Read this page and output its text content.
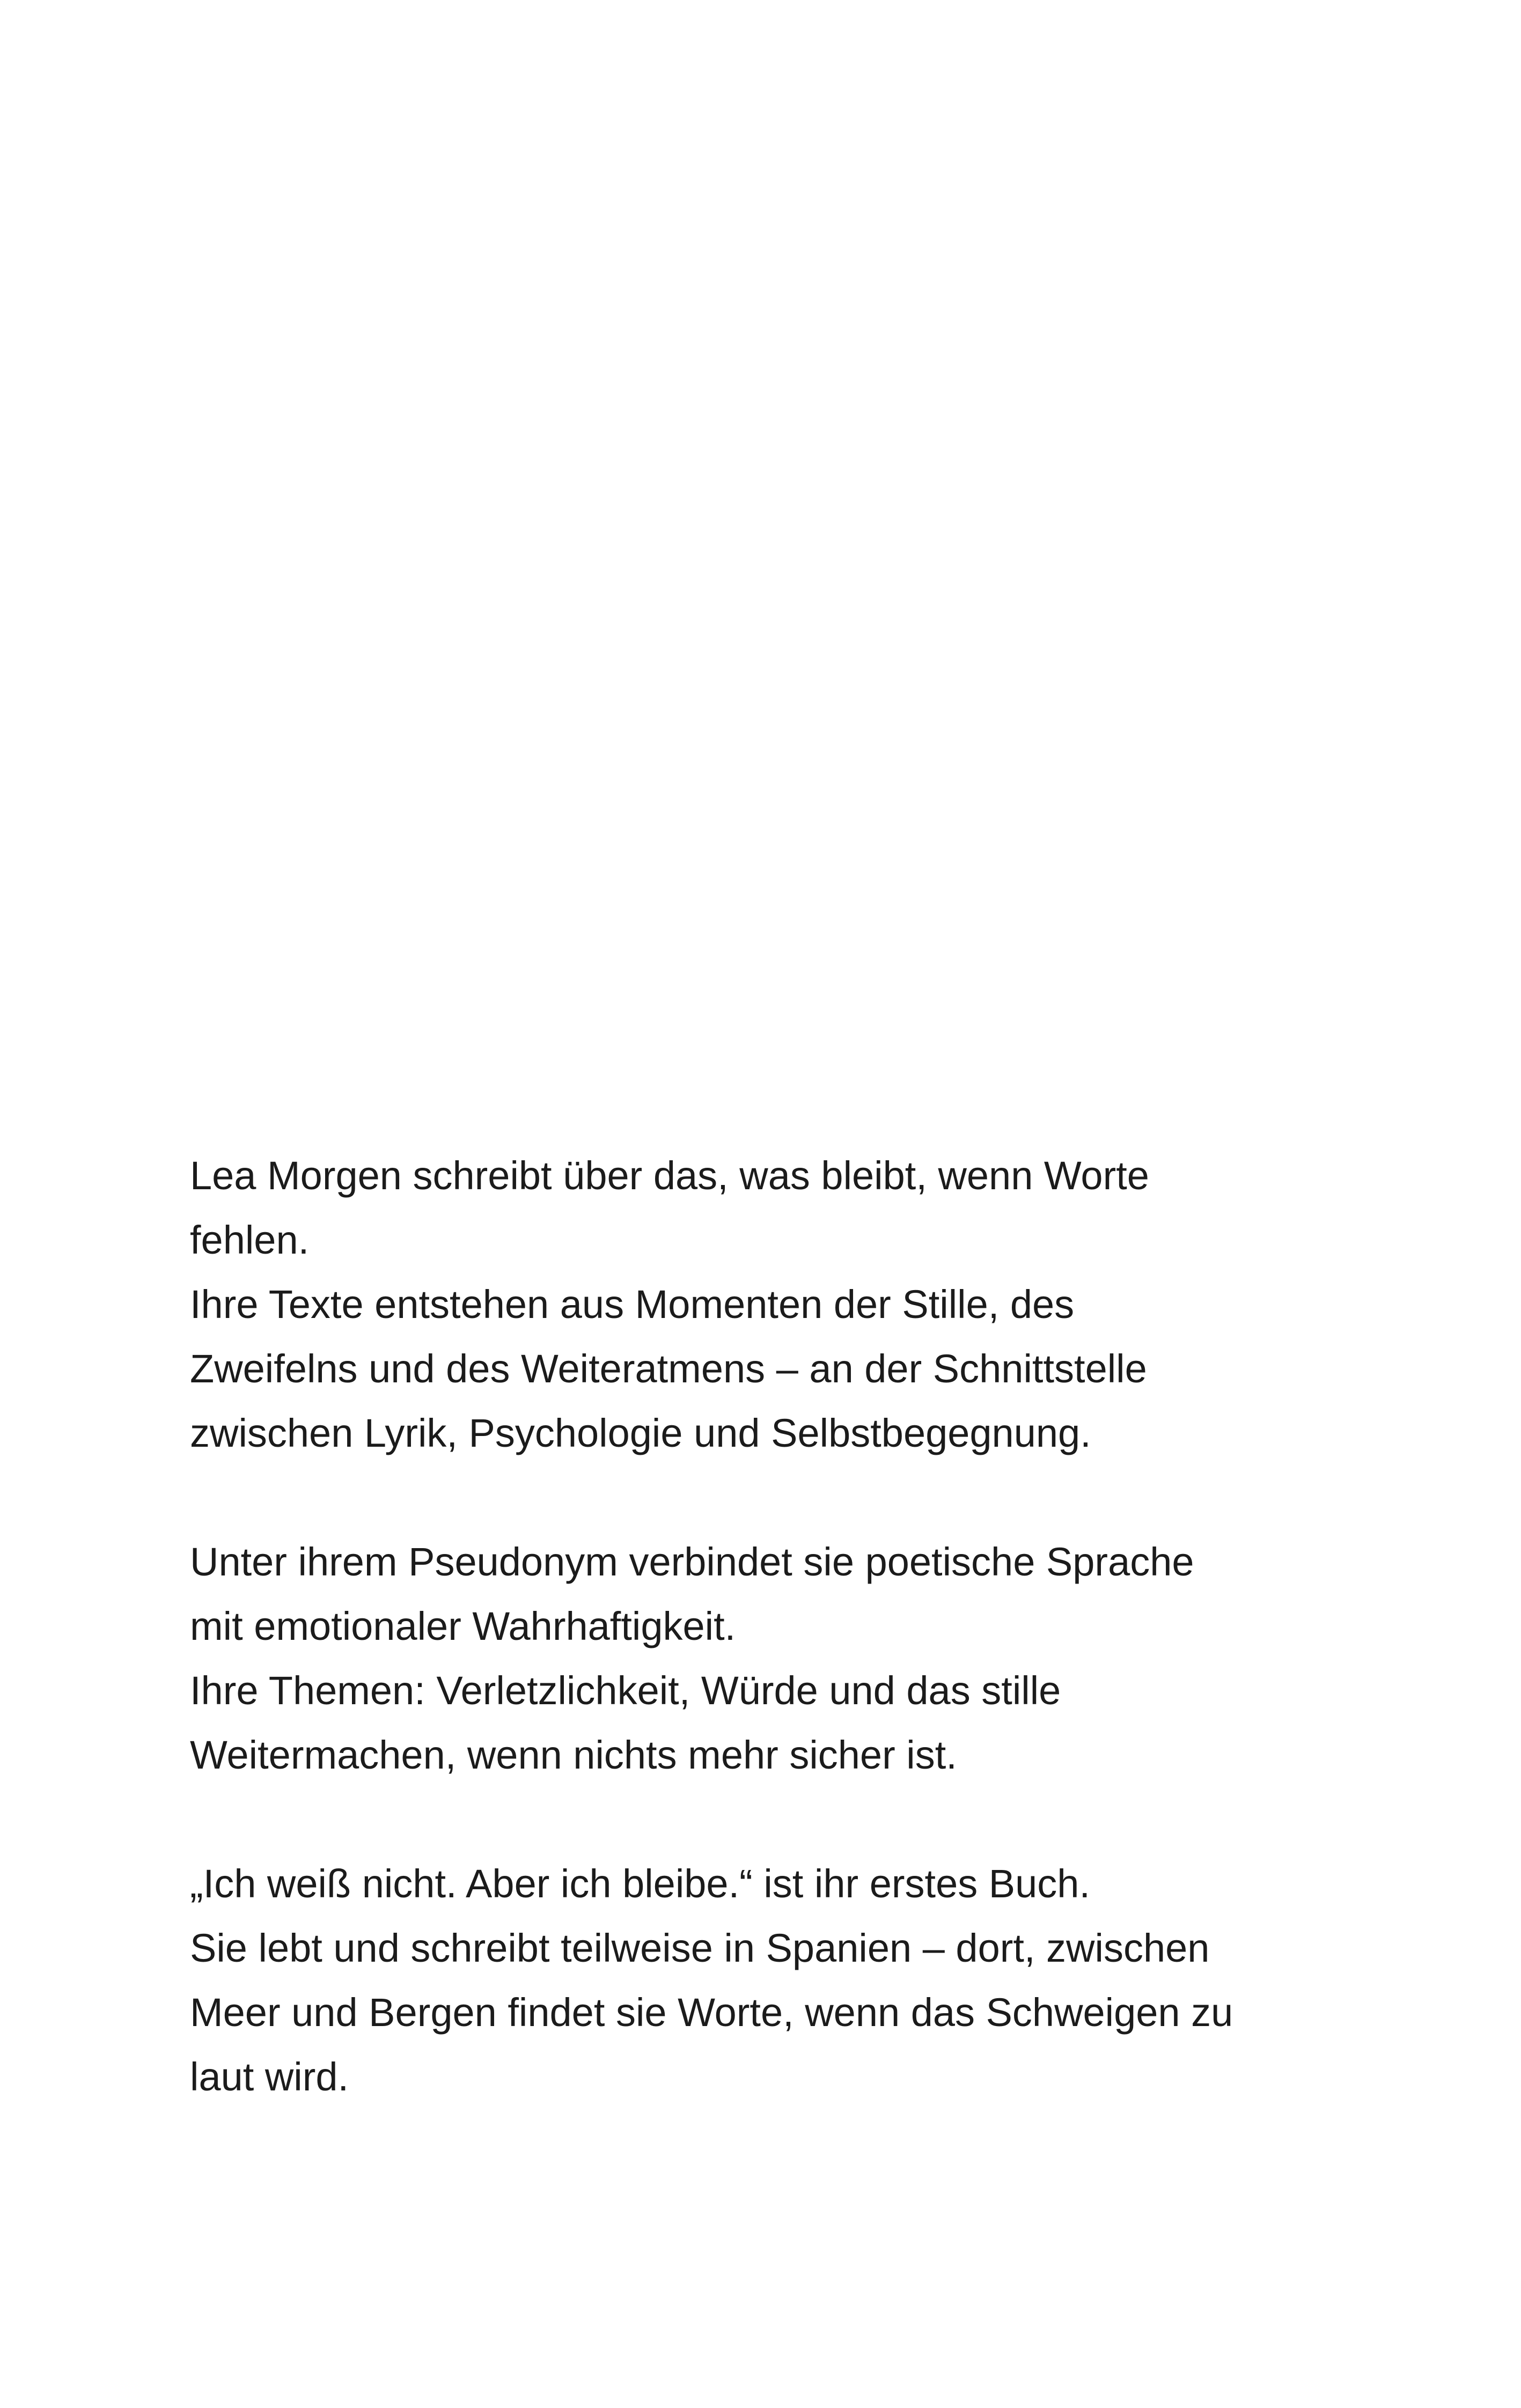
Lea Morgen schreibt über das, was bleibt, wenn Worte
fehlen.
Ihre Texte entstehen aus Momenten der Stille, des
Zweifelns und des Weiteratmens – an der Schnittstelle
zwischen Lyrik, Psychologie und Selbstbegegnung.

Unter ihrem Pseudonym verbindet sie poetische Sprache
mit emotionaler Wahrhaftigkeit.
Ihre Themen: Verletzlichkeit, Würde und das stille
Weitermachen, wenn nichts mehr sicher ist.

„Ich weiß nicht. Aber ich bleibe.“ ist ihr erstes Buch.
Sie lebt und schreibt teilweise in Spanien – dort, zwischen
Meer und Bergen findet sie Worte, wenn das Schweigen zu
laut wird.
